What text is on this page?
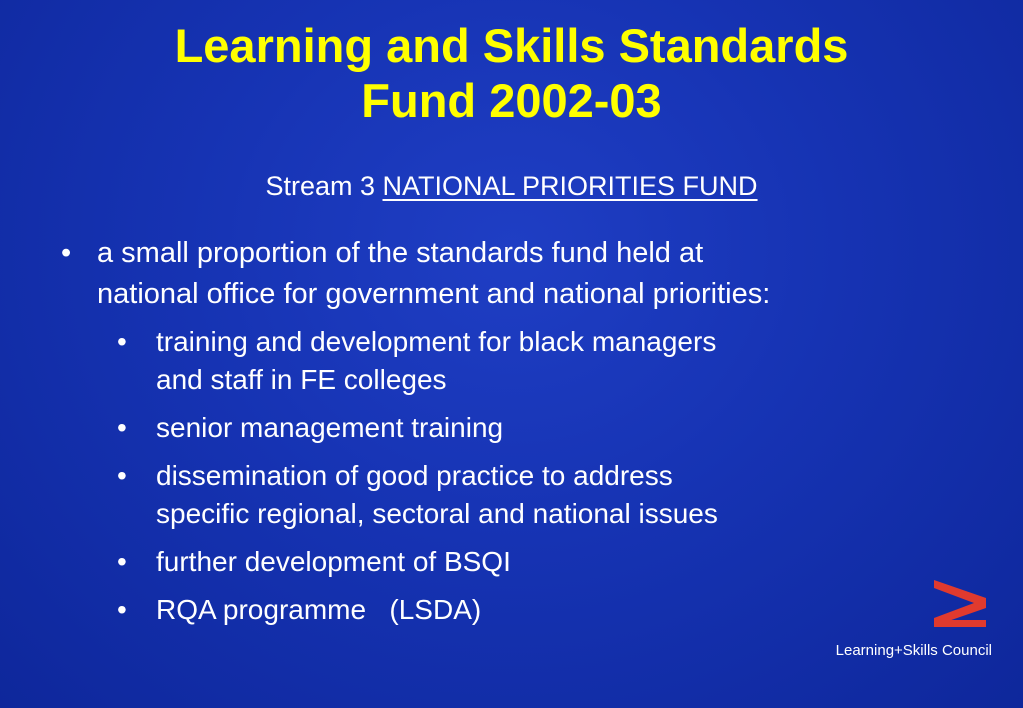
Learning and Skills Standards
Fund 2002-03
Stream 3 NATIONAL PRIORITIES FUND
• a small proportion of the standards fund held at
national office for government and national priorities:
• training and development for black managers
and staff in FE colleges
• senior management training
• dissemination of good practice to address
specific regional, sectoral and national issues
• further development of BSQI
• RQA programme   (LSDA)
Learning+Skills Council
